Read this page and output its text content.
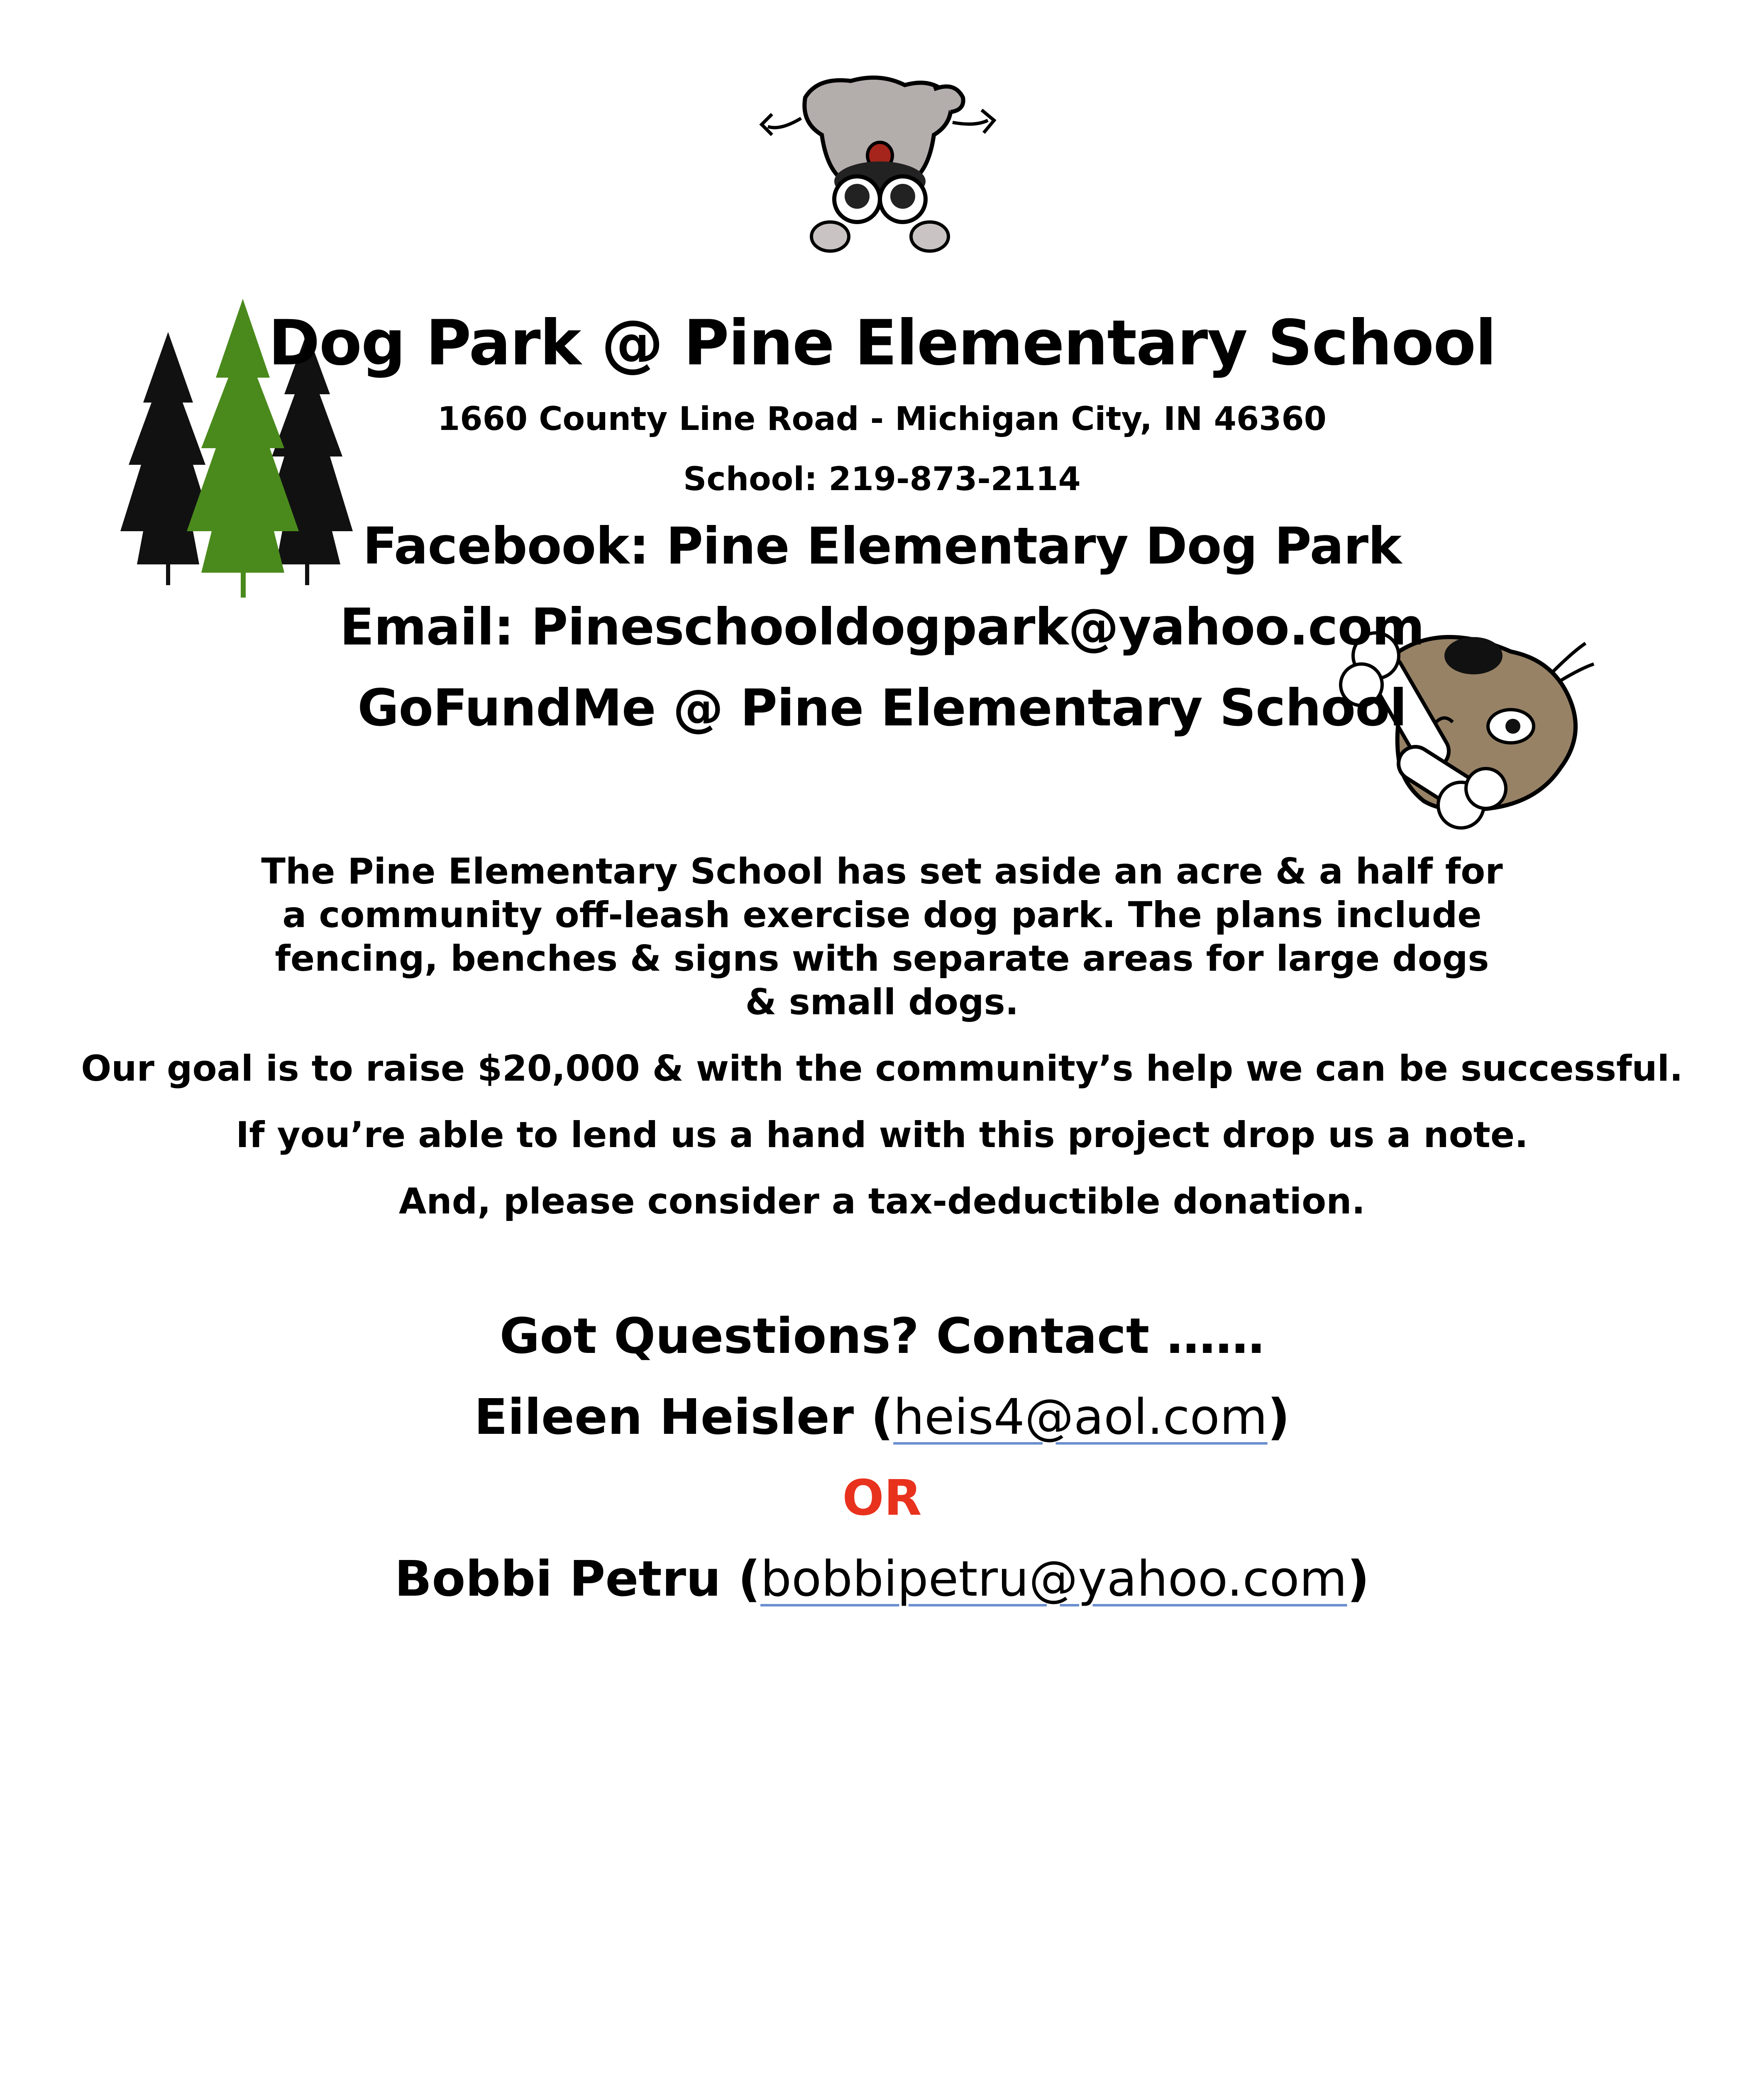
Dog Park @ Pine Elementary School
1660 County Line Road - Michigan City, IN 46360
School: 219-873-2114
Facebook: Pine Elementary Dog Park
Email: Pineschooldogpark@yahoo.com
GoFundMe @ Pine Elementary School
The Pine Elementary School has set aside an acre & a half for
a community off-leash exercise dog park. The plans include
fencing, benches & signs with separate areas for large dogs
& small dogs.
Our goal is to raise $20,000 & with the community’s help we can be successful.
If you’re able to lend us a hand with this project drop us a note.
And, please consider a tax-deductible donation.
Got Questions? Contact ……
Eileen Heisler (heis4@aol.com)
OR
Bobbi Petru (bobbipetru@yahoo.com)
